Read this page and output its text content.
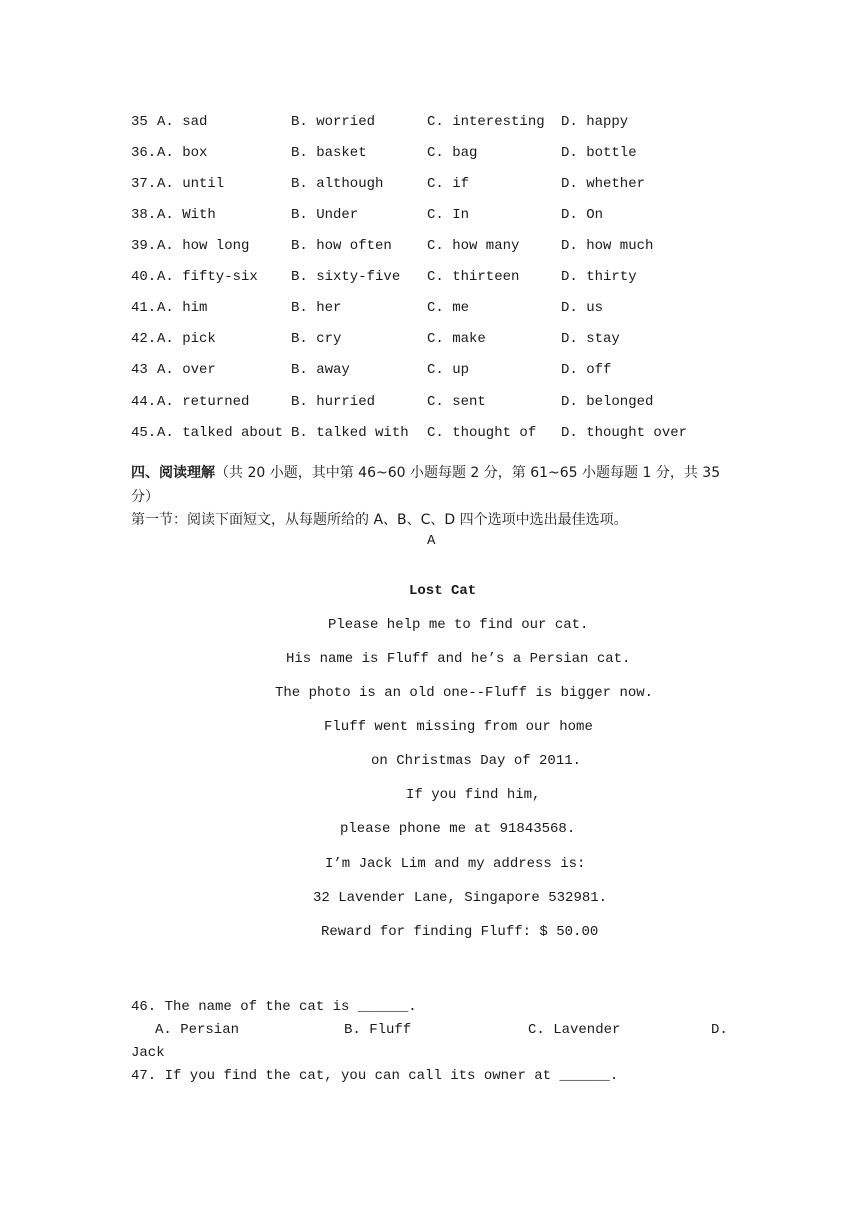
35 A. sad	B. worried	C. interesting D. happy
36. A. box	B. basket	C. bag	D. bottle
37. A. until	B. although	C. if	D. whether
38. A. With	B. Under	C. In	D. On
39. A. how long	B. how often	C. how many	D. how much
40. A. fifty-six B. sixty-five C. thirteen	D. thirty
41. A. him	B. her	C. me	D. us
42. A. pick	B. cry	C. make	D. stay
43 A. over	B. away	C. up	D. off
44. A. returned	B. hurried	C. sent	D. belonged
45. A. talked about B. talked with C. thought of D. thought over
四、阅读理解（共 20 小题，其中第 46~60 小题每题 2 分，第 61~65 小题每题 1 分，共 35
分）
第一节：阅读下面短文，从每题所给的 A、B、C、D 四个选项中选出最佳选项。
A
Lost Cat
Please help me to find our cat.
His name is Fluff and he’s a Persian cat.
The photo is an old one--Fluff is bigger now.
Fluff went missing from our home
on Christmas Day of 2011.
If you find him,
please phone me at 91843568.
I’m Jack Lim and my address is:
32 Lavender Lane, Singapore 532981.
Reward for finding Fluff: $ 50.00
46. The name of the cat is ______.
A. Persian	B. Fluff	C. Lavender	D.
Jack
47. If you find the cat, you can call its owner at ______.
